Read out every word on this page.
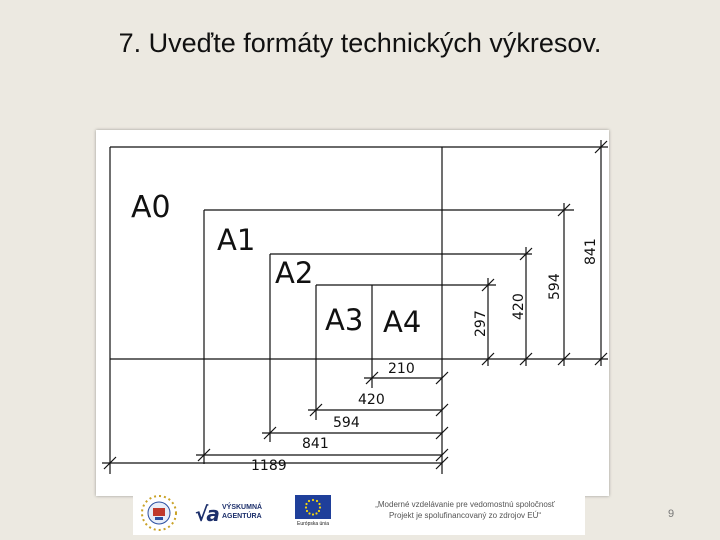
7. Uveďte formáty technických výkresov.
A0
A1
A2
A3 A4
210
420
594
841
1189
297
420
594
841
√a VÝSKUMNÁ AGENTÚRA
Európska únia
„Moderné vzdelávanie pre vedomostnú spoločnosť
Projekt je spolufinancovaný zo zdrojov EÚ“	9
